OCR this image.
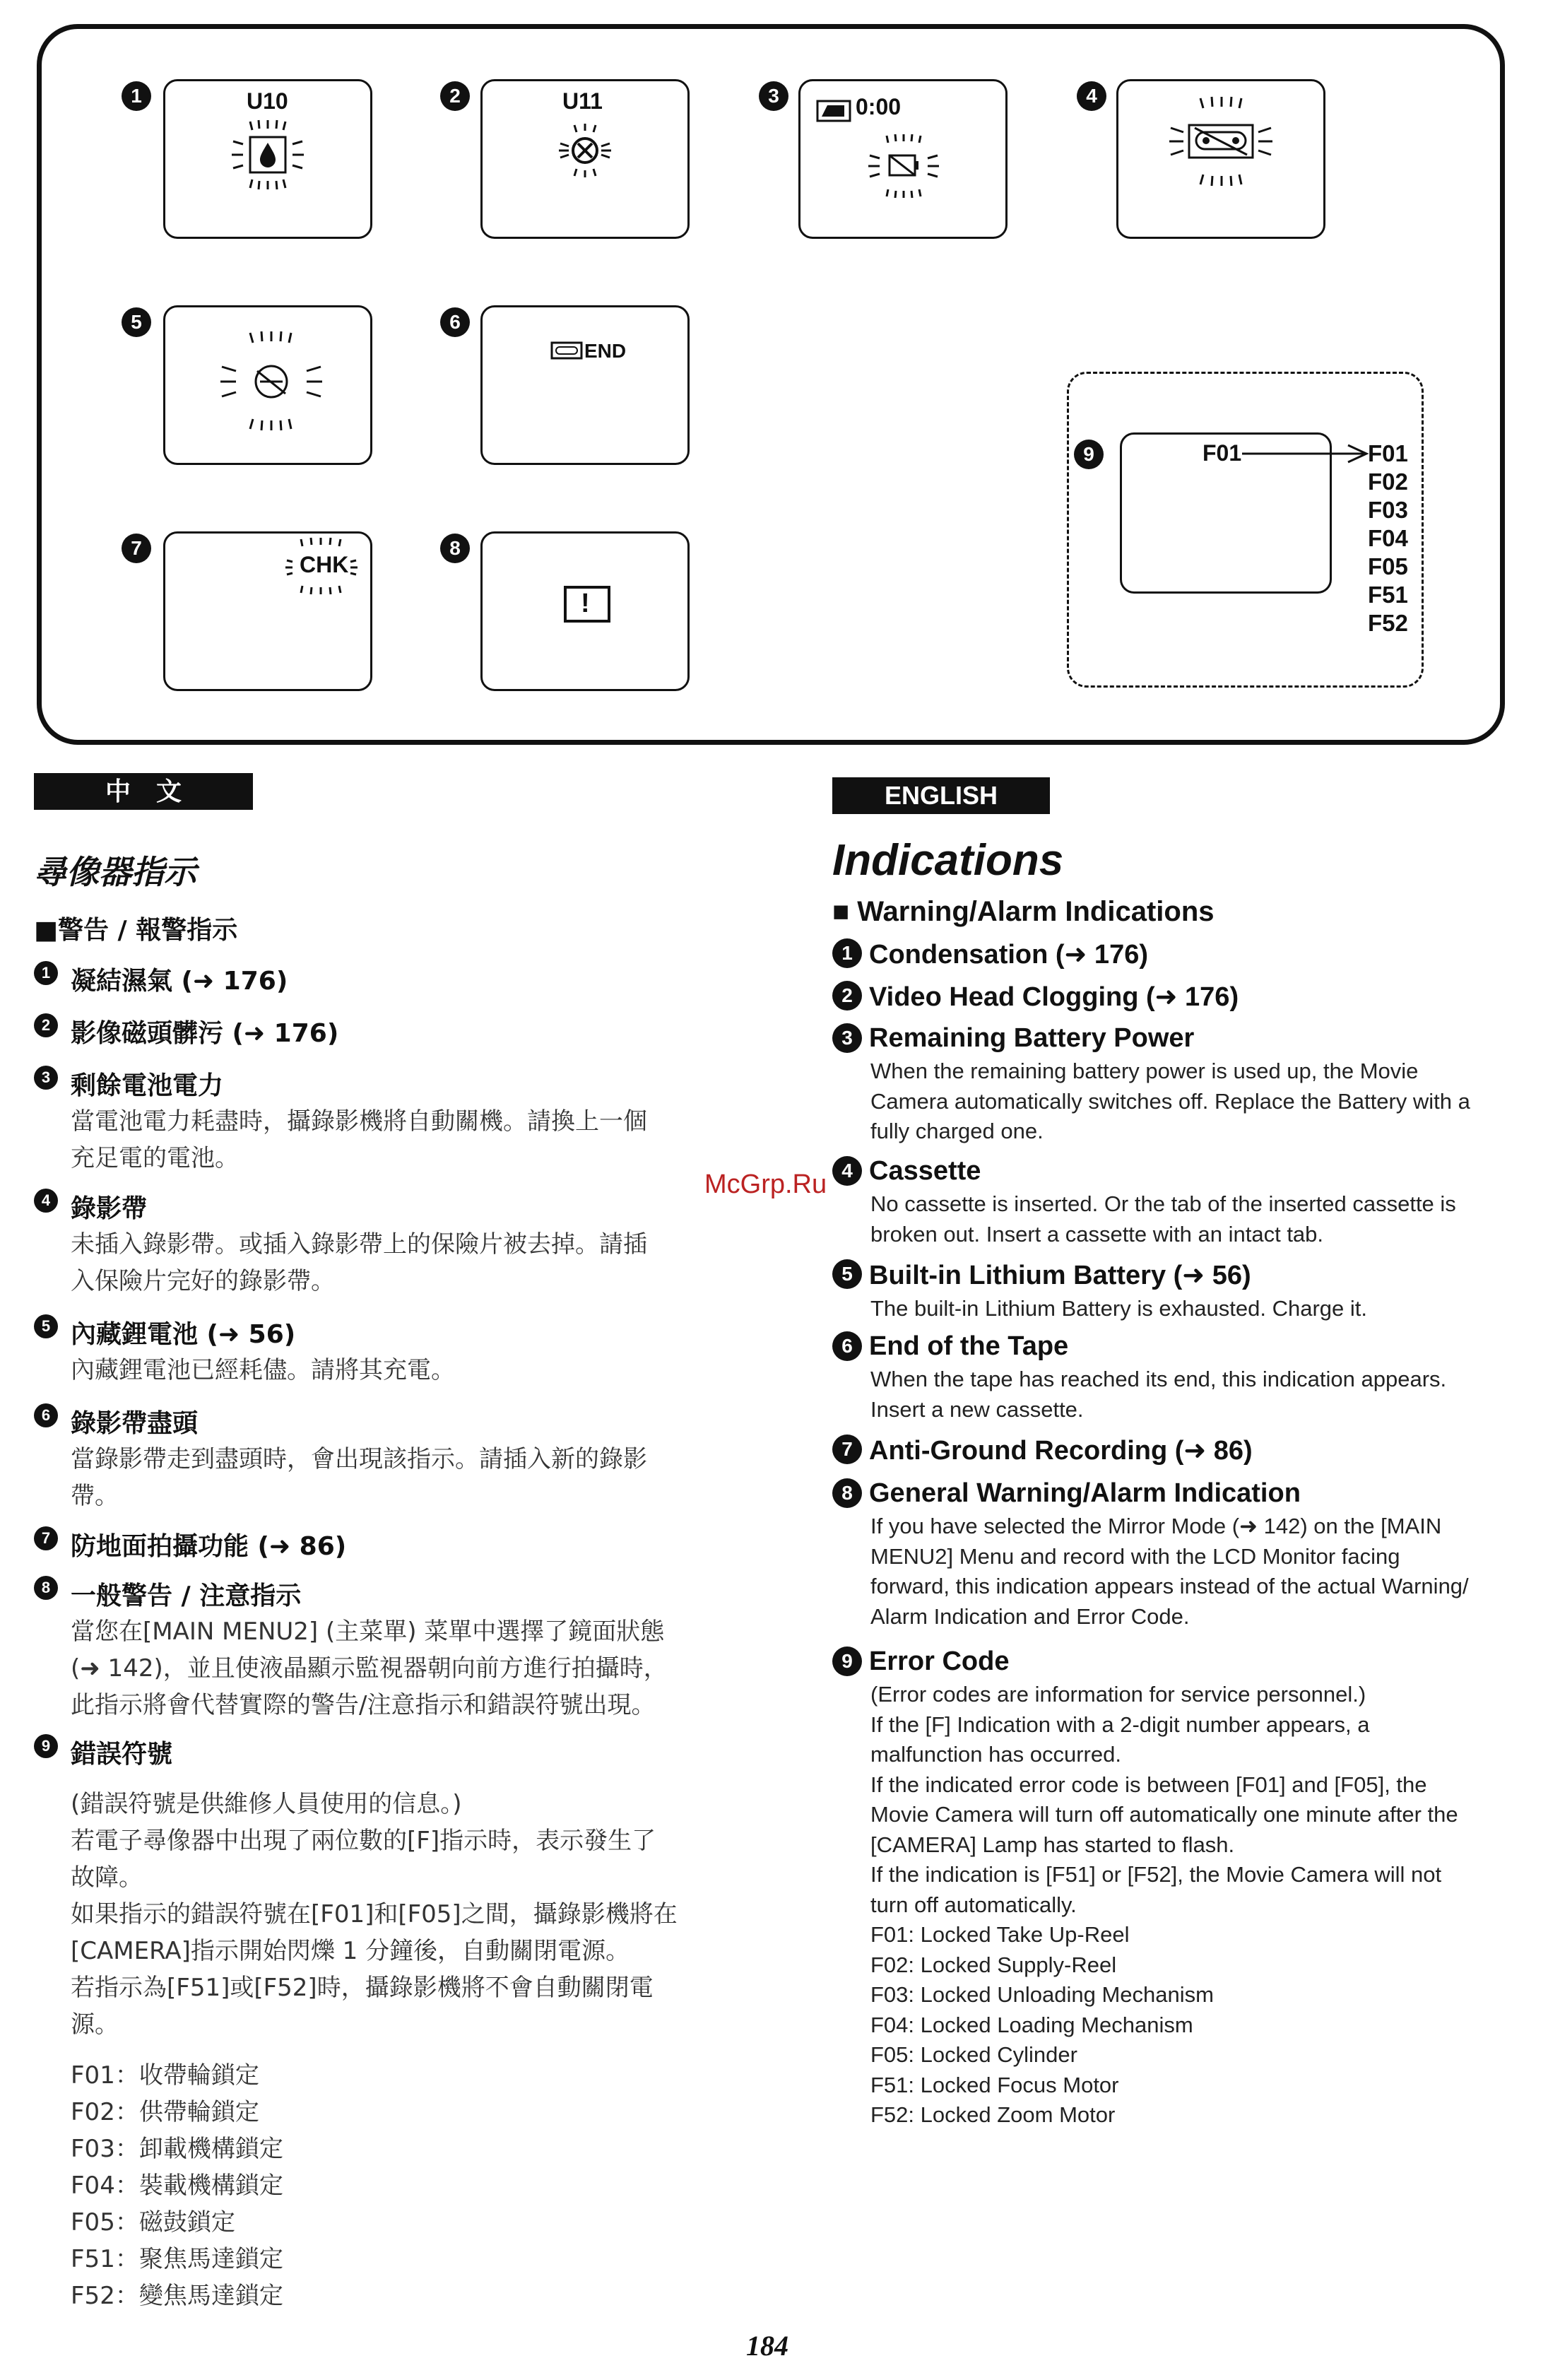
1	U10	2	U11	3	0:00	4
5	6
END
7
CHK
8
!
9	F01	F01
F02
F03
F04
F05
F51
F52
中　文	ENGLISH
尋像器指示
■警告 / 報警指示
1 凝結濕氣 (➜ 176)
2 影像磁頭髒污 (➜ 176)
3 剩餘電池電力
當電池電力耗盡時，攝錄影機將自動關機。請換上一個
充足電的電池。
4 錄影帶
未插入錄影帶。或插入錄影帶上的保險片被去掉。請插
入保險片完好的錄影帶。
5 內藏鋰電池 (➜ 56)
內藏鋰電池已經耗儘。請將其充電。
6 錄影帶盡頭
當錄影帶走到盡頭時，會出現該指示。請插入新的錄影
帶。
7 防地面拍攝功能 (➜ 86)
8 一般警告 / 注意指示
當您在[MAIN MENU2] (主菜單) 菜單中選擇了鏡面狀態
(➜ 142)，並且使液晶顯示監視器朝向前方進行拍攝時，
此指示將會代替實際的警告/注意指示和錯誤符號出現。
9 錯誤符號
(錯誤符號是供維修人員使用的信息。)
若電子尋像器中出現了兩位數的[F]指示時，表示發生了
故障。
如果指示的錯誤符號在[F01]和[F05]之間，攝錄影機將在
[CAMERA]指示開始閃爍 1 分鐘後，自動關閉電源。
若指示為[F51]或[F52]時，攝錄影機將不會自動關閉電
源。
F01：收帶輪鎖定
F02：供帶輪鎖定
F03：卸載機構鎖定
F04：裝載機構鎖定
F05：磁鼓鎖定
F51：聚焦馬達鎖定
F52：變焦馬達鎖定
Indications
■ Warning/Alarm Indications
1 Condensation (➜ 176)
2 Video Head Clogging (➜ 176)
3 Remaining Battery Power
When the remaining battery power is used up, the Movie
Camera automatically switches off. Replace the Battery with a
fully charged one.
4 Cassette
No cassette is inserted. Or the tab of the inserted cassette is
broken out. Insert a cassette with an intact tab.
5 Built-in Lithium Battery (➜ 56)
The built-in Lithium Battery is exhausted. Charge it.
6 End of the Tape
When the tape has reached its end, this indication appears.
Insert a new cassette.
7 Anti-Ground Recording (➜ 86)
8 General Warning/Alarm Indication
If you have selected the Mirror Mode (➜ 142) on the [MAIN
MENU2] Menu and record with the LCD Monitor facing
forward, this indication appears instead of the actual Warning/
Alarm Indication and Error Code.
9 Error Code
(Error codes are information for service personnel.)
If the [F] Indication with a 2-digit number appears, a
malfunction has occurred.
If the indicated error code is between [F01] and [F05], the
Movie Camera will turn off automatically one minute after the
[CAMERA] Lamp has started to flash.
If the indication is [F51] or [F52], the Movie Camera will not
turn off automatically.
F01: Locked Take Up-Reel
F02: Locked Supply-Reel
F03: Locked Unloading Mechanism
F04: Locked Loading Mechanism
F05: Locked Cylinder
F51: Locked Focus Motor
F52: Locked Zoom Motor
McGrp.Ru
184
